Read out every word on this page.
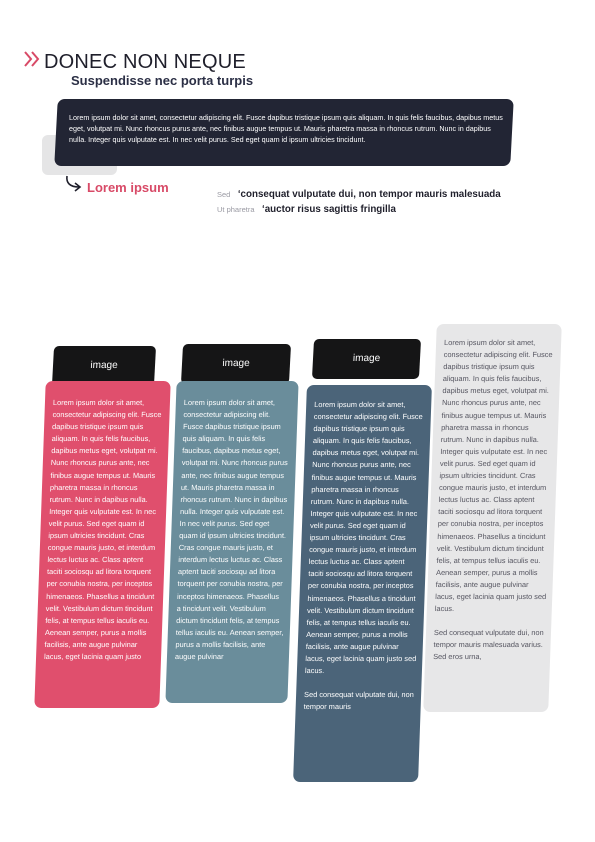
DONEC NON NEQUE
Suspendisse nec porta turpis

Lorem ipsum dolor sit amet, consectetur adipiscing elit. Fusce dapibus tristique ipsum quis aliquam. In quis felis faucibus, dapibus metus eget, volutpat mi. Nunc rhoncus purus ante, nec finibus augue tempus ut. Mauris pharetra massa in rhoncus rutrum. Nunc in dapibus nulla. Integer quis vulputate est. In nec velit purus. Sed eget quam id ipsum ultricies tincidunt.

Lorem ipsum	Sed ‘consequat vulputate dui, non tempor mauris malesuada

Ut pharetra ‘auctor risus sagittis fringilla

image	image	image

Lorem ipsum dolor sit amet, consectetur adipiscing elit. Fusce dapibus tristique ipsum quis aliquam. In quis felis faucibus, dapibus metus eget, volutpat mi. Nunc rhoncus purus ante, nec finibus augue tempus ut. Mauris pharetra massa in rhoncus rutrum. Nunc in dapibus nulla. Integer quis vulputate est. In nec velit purus. Sed eget quam id ipsum ultricies tincidunt. Cras congue mauris justo, et interdum lectus luctus ac. Class aptent taciti sociosqu ad litora torquent per conubia nostra, per inceptos himenaeos. Phasellus a tincidunt velit. Vestibulum dictum tincidunt felis, at tempus tellus iaculis eu. Aenean semper, purus a mollis facilisis, ante augue pulvinar lacus, eget lacinia quam justo

Lorem ipsum dolor sit amet, consectetur adipiscing elit. Fusce dapibus tristique ipsum quis aliquam. In quis felis faucibus, dapibus metus eget, volutpat mi. Nunc rhoncus purus ante, nec finibus augue tempus ut. Mauris pharetra massa in rhoncus rutrum. Nunc in dapibus nulla. Integer quis vulputate est. In nec velit purus. Sed eget quam id ipsum ultricies tincidunt. Cras congue mauris justo, et interdum lectus luctus ac. Class aptent taciti sociosqu ad litora torquent per conubia nostra, per inceptos himenaeos. Phasellus a tincidunt velit. Vestibulum dictum tincidunt felis, at tempus tellus iaculis eu. Aenean semper, purus a mollis facilisis, ante augue pulvinar

Lorem ipsum dolor sit amet, consectetur adipiscing elit. Fusce dapibus tristique ipsum quis aliquam. In quis felis faucibus, dapibus metus eget, volutpat mi. Nunc rhoncus purus ante, nec finibus augue tempus ut. Mauris pharetra massa in rhoncus rutrum. Nunc in dapibus nulla. Integer quis vulputate est. In nec velit purus. Sed eget quam id ipsum ultricies tincidunt. Cras congue mauris justo, et interdum lectus luctus ac. Class aptent taciti sociosqu ad litora torquent per conubia nostra, per inceptos himenaeos. Phasellus a tincidunt velit. Vestibulum dictum tincidunt felis, at tempus tellus iaculis eu. Aenean semper, purus a mollis facilisis, ante augue pulvinar lacus, eget lacinia quam justo sed lacus.

Sed consequat vulputate dui, non tempor mauris

Lorem ipsum dolor sit amet, consectetur adipiscing elit. Fusce dapibus tristique ipsum quis aliquam. In quis felis faucibus, dapibus metus eget, volutpat mi. Nunc rhoncus purus ante, nec finibus augue tempus ut. Mauris pharetra massa in rhoncus rutrum. Nunc in dapibus nulla. Integer quis vulputate est. In nec velit purus. Sed eget quam id ipsum ultricies tincidunt. Cras congue mauris justo, et interdum lectus luctus ac. Class aptent taciti sociosqu ad litora torquent per conubia nostra, per inceptos himenaeos. Phasellus a tincidunt velit. Vestibulum dictum tincidunt felis, at tempus tellus iaculis eu. Aenean semper, purus a mollis facilisis, ante augue pulvinar lacus, eget lacinia quam justo sed lacus.

Sed consequat vulputate dui, non tempor mauris malesuada varius. Sed eros urna,
